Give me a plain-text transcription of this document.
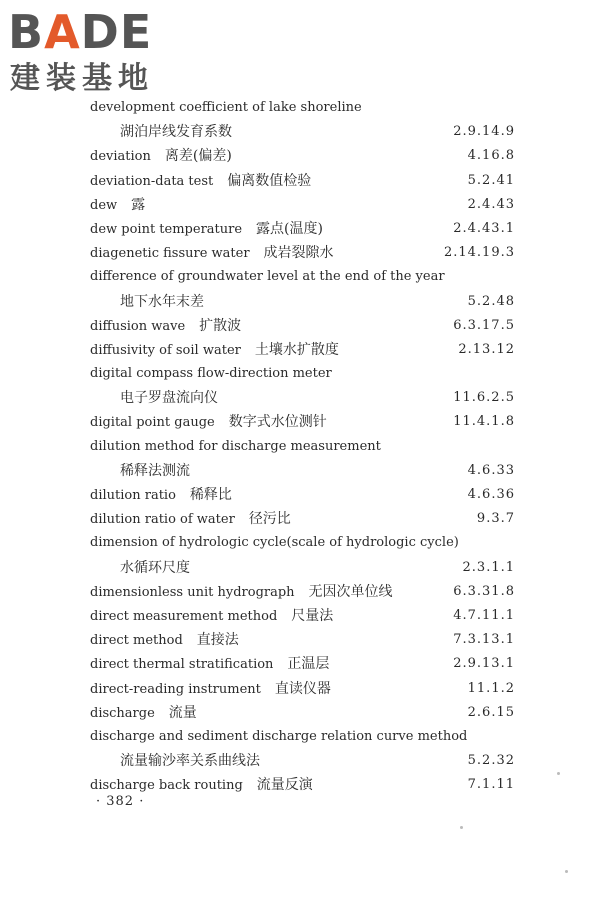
BADE
建装基地
development coefficient of lake shoreline
湖泊岸线发育系数	2.9.14.9
deviation 离差(偏差)	4.16.8
deviation-data test 偏离数值检验	5.2.41
dew 露	2.4.43
dew point temperature 露点(温度)	2.4.43.1
diagenetic fissure water 成岩裂隙水	2.14.19.3
difference of groundwater level at the end of the year
地下水年末差	5.2.48
diffusion wave 扩散波	6.3.17.5
diffusivity of soil water 土壤水扩散度	2.13.12
digital compass flow-direction meter
电子罗盘流向仪	11.6.2.5
digital point gauge 数字式水位测针	11.4.1.8
dilution method for discharge measurement
稀释法测流	4.6.33
dilution ratio 稀释比	4.6.36
dilution ratio of water 径污比	9.3.7
dimension of hydrologic cycle(scale of hydrologic cycle)
水循环尺度	2.3.1.1
dimensionless unit hydrograph 无因次单位线	6.3.31.8
direct measurement method 尺量法	4.7.11.1
direct method 直接法	7.3.13.1
direct thermal stratification 正温层	2.9.13.1
direct-reading instrument 直读仪器	11.1.2
discharge 流量	2.6.15
discharge and sediment discharge relation curve method
流量输沙率关系曲线法	5.2.32
discharge back routing 流量反演	7.1.11
· 382 ·
